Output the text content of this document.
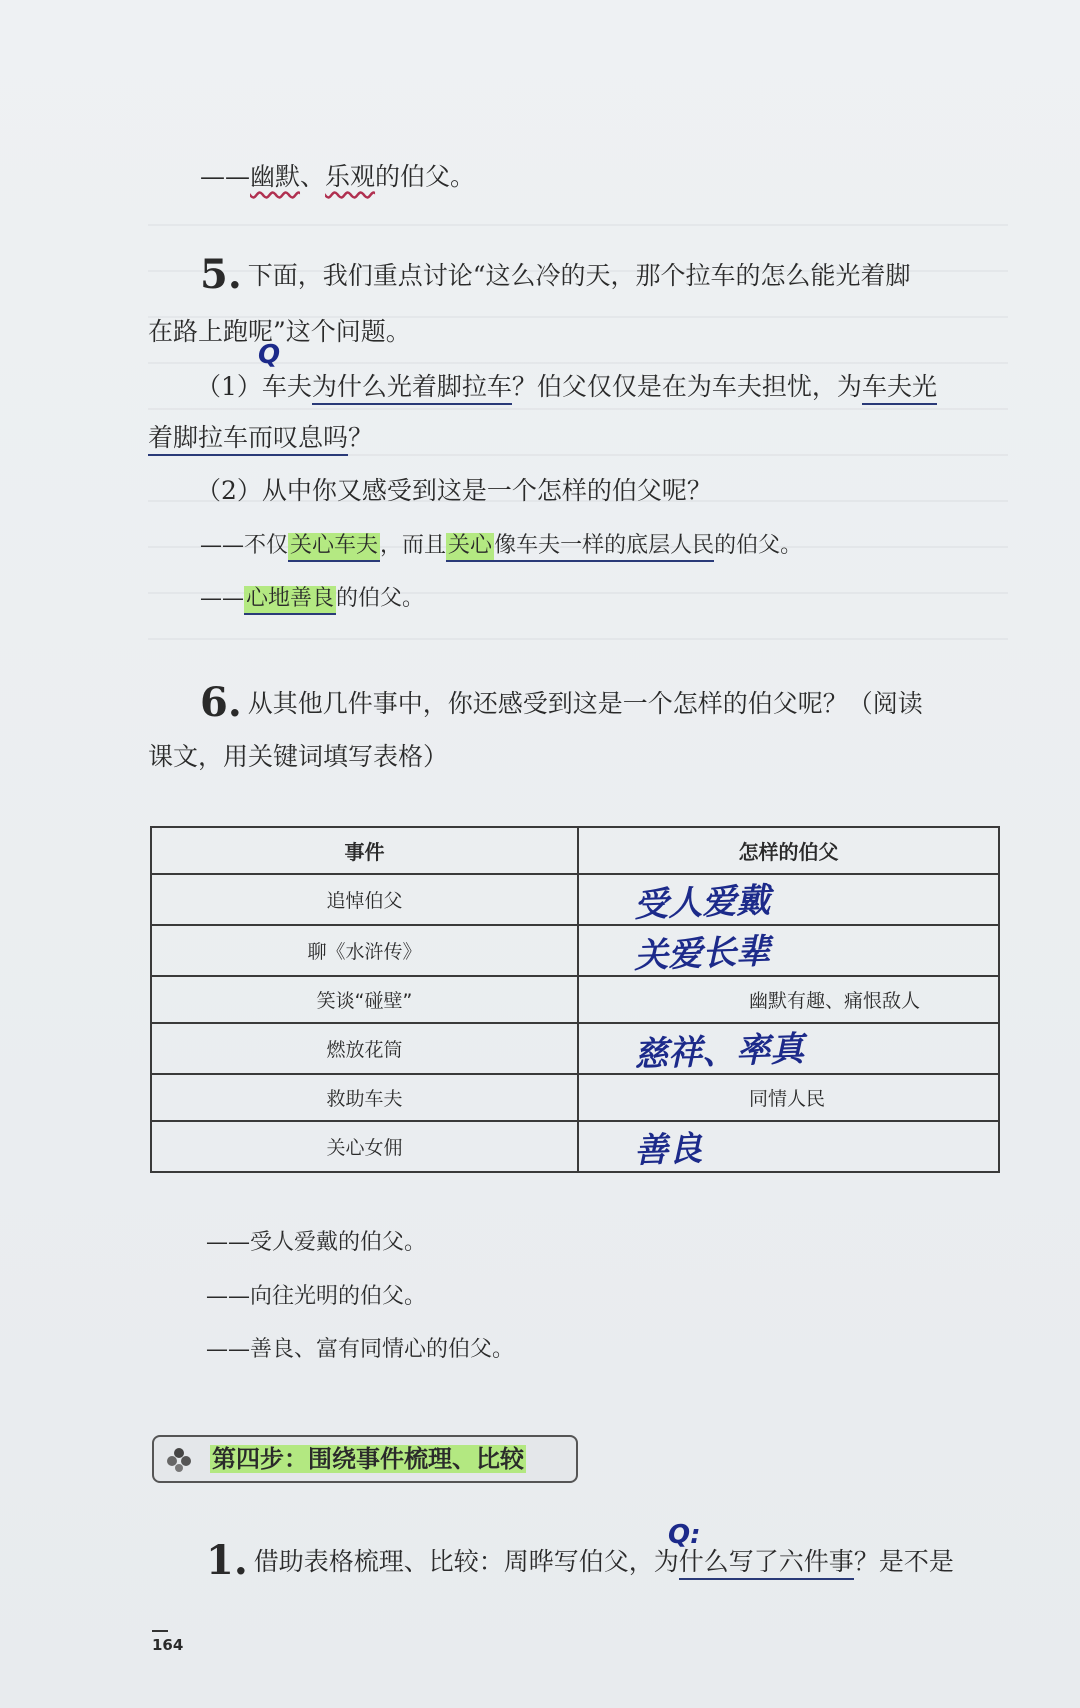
——幽默、乐观的伯父。
5. 下面，我们重点讨论“这么冷的天，那个拉车的怎么能光着脚
在路上跑呢”这个问题。
Q
（1）车夫为什么光着脚拉车？伯父仅仅是在为车夫担忧，为车夫光
着脚拉车而叹息吗？
（2）从中你又感受到这是一个怎样的伯父呢？
——不仅关心车夫，而且关心像车夫一样的底层人民的伯父。
——心地善良的伯父。
6. 从其他几件事中，你还感受到这是一个怎样的伯父呢？（阅读
课文，用关键词填写表格）
事件	怎样的伯父
追悼伯父	受人爱戴
聊《水浒传》	关爱长辈
笑谈“碰壁”	幽默有趣、痛恨敌人
燃放花筒	慈祥、率真
救助车夫	同情人民
关心女佣	善良
——受人爱戴的伯父。
——向往光明的伯父。
——善良、富有同情心的伯父。
第四步：围绕事件梳理、比较
Q:
1. 借助表格梳理、比较：周晔写伯父，为什么写了六件事？是不是
164
